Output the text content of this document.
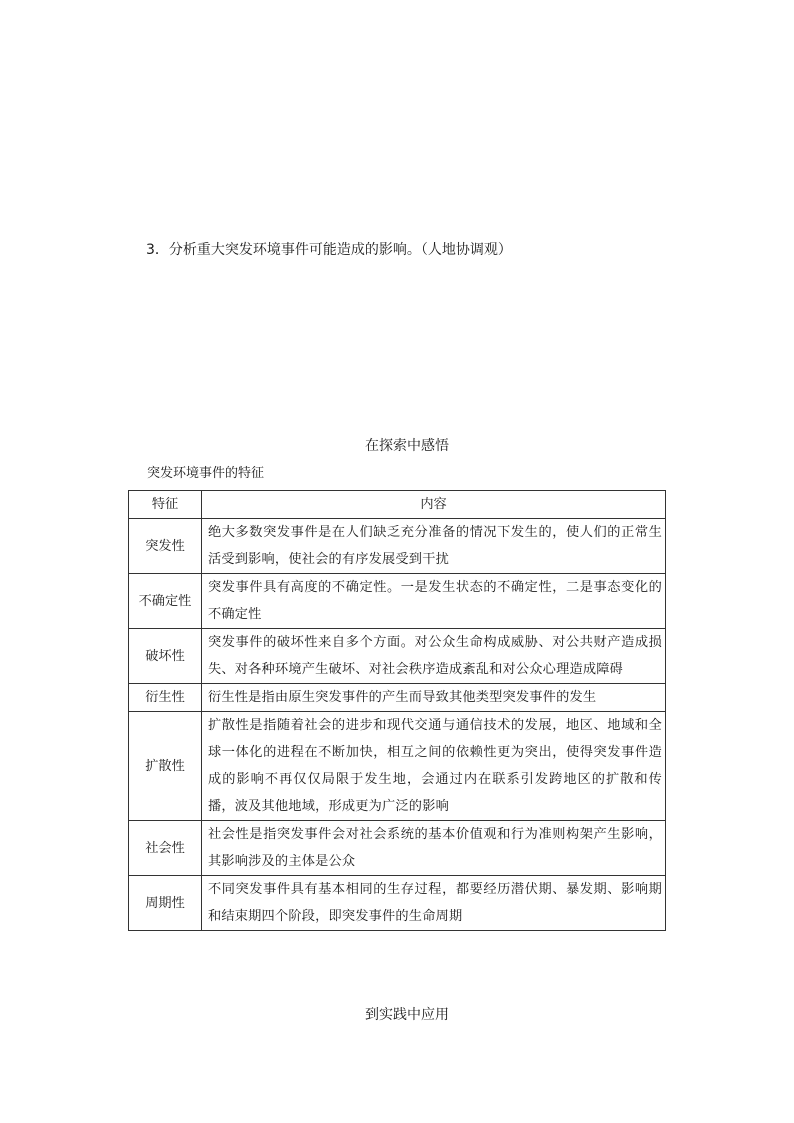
3．分析重大突发环境事件可能造成的影响。（人地协调观）
在探索中感悟
突发环境事件的特征
特征	内容
突发性	绝大多数突发事件是在人们缺乏充分准备的情况下发生的，使人们的正常生活受到影响，使社会的有序发展受到干扰
不确定性	突发事件具有高度的不确定性。一是发生状态的不确定性，二是事态变化的不确定性
破坏性	突发事件的破坏性来自多个方面。对公众生命构成威胁、对公共财产造成损失、对各种环境产生破坏、对社会秩序造成紊乱和对公众心理造成障碍
衍生性	衍生性是指由原生突发事件的产生而导致其他类型突发事件的发生
扩散性	扩散性是指随着社会的进步和现代交通与通信技术的发展，地区、地域和全球一体化的进程在不断加快，相互之间的依赖性更为突出，使得突发事件造成的影响不再仅仅局限于发生地，会通过内在联系引发跨地区的扩散和传播，波及其他地域，形成更为广泛的影响
社会性	社会性是指突发事件会对社会系统的基本价值观和行为准则构架产生影响，其影响涉及的主体是公众
周期性	不同突发事件具有基本相同的生存过程，都要经历潜伏期、暴发期、影响期和结束期四个阶段，即突发事件的生命周期
到实践中应用
